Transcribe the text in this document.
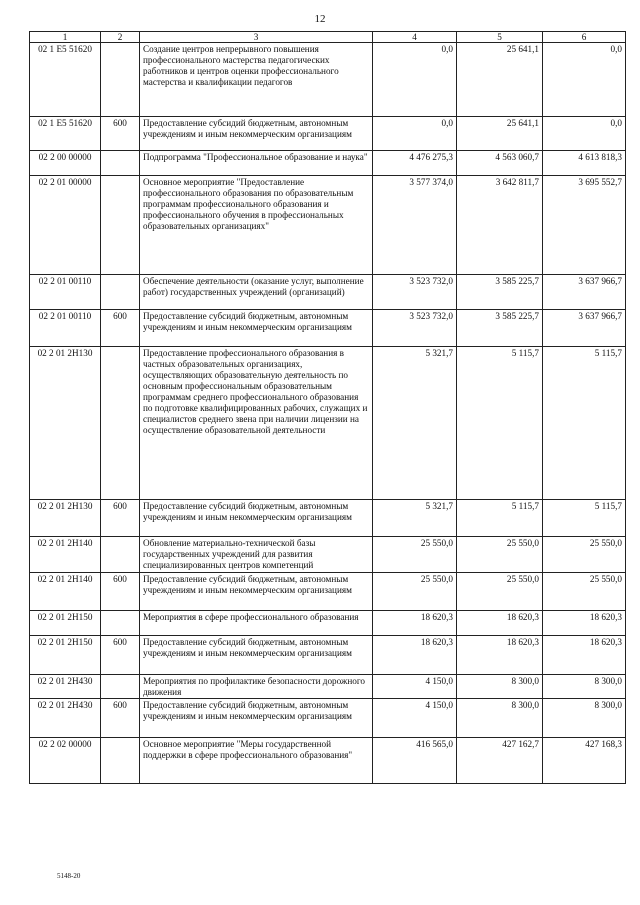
12
1	2	3	4	5	6
02 1 E5 51620		Создание центров непрерывного повышения профессионального мастерства педагогических работников и центров оценки профессионального мастерства и квалификации педагогов	0,0	25 641,1	0,0
02 1 E5 51620	600	Предоставление субсидий бюджетным, автономным учреждениям и иным некоммерческим организациям	0,0	25 641,1	0,0
02 2 00 00000		Подпрограмма "Профессиональное образование и наука"	4 476 275,3	4 563 060,7	4 613 818,3
02 2 01 00000		Основное мероприятие "Предоставление профессионального образования по образовательным программам профессионального образования и профессионального обучения в профессиональных образовательных организациях"	3 577 374,0	3 642 811,7	3 695 552,7
02 2 01 00110		Обеспечение деятельности (оказание услуг, выполнение работ) государственных учреждений (организаций)	3 523 732,0	3 585 225,7	3 637 966,7
02 2 01 00110	600	Предоставление субсидий бюджетным, автономным учреждениям и иным некоммерческим организациям	3 523 732,0	3 585 225,7	3 637 966,7
02 2 01 2H130		Предоставление профессионального образования в частных образовательных организациях, осуществляющих образовательную деятельность по основным профессиональным образовательным программам среднего профессионального образования по подготовке квалифицированных рабочих, служащих и специалистов среднего звена при наличии лицензии на осуществление образовательной деятельности	5 321,7	5 115,7	5 115,7
02 2 01 2H130	600	Предоставление субсидий бюджетным, автономным учреждениям и иным некоммерческим организациям	5 321,7	5 115,7	5 115,7
02 2 01 2H140		Обновление материально-технической базы государственных учреждений для развития специализированных центров компетенций	25 550,0	25 550,0	25 550,0
02 2 01 2H140	600	Предоставление субсидий бюджетным, автономным учреждениям и иным некоммерческим организациям	25 550,0	25 550,0	25 550,0
02 2 01 2H150		Мероприятия в сфере профессионального образования	18 620,3	18 620,3	18 620,3
02 2 01 2H150	600	Предоставление субсидий бюджетным, автономным учреждениям и иным некоммерческим организациям	18 620,3	18 620,3	18 620,3
02 2 01 2H430		Мероприятия по профилактике безопасности дорожного движения	4 150,0	8 300,0	8 300,0
02 2 01 2H430	600	Предоставление субсидий бюджетным, автономным учреждениям и иным некоммерческим организациям	4 150,0	8 300,0	8 300,0
02 2 02 00000		Основное мероприятие "Меры государственной поддержки в сфере профессионального образования"	416 565,0	427 162,7	427 168,3
5148-20
